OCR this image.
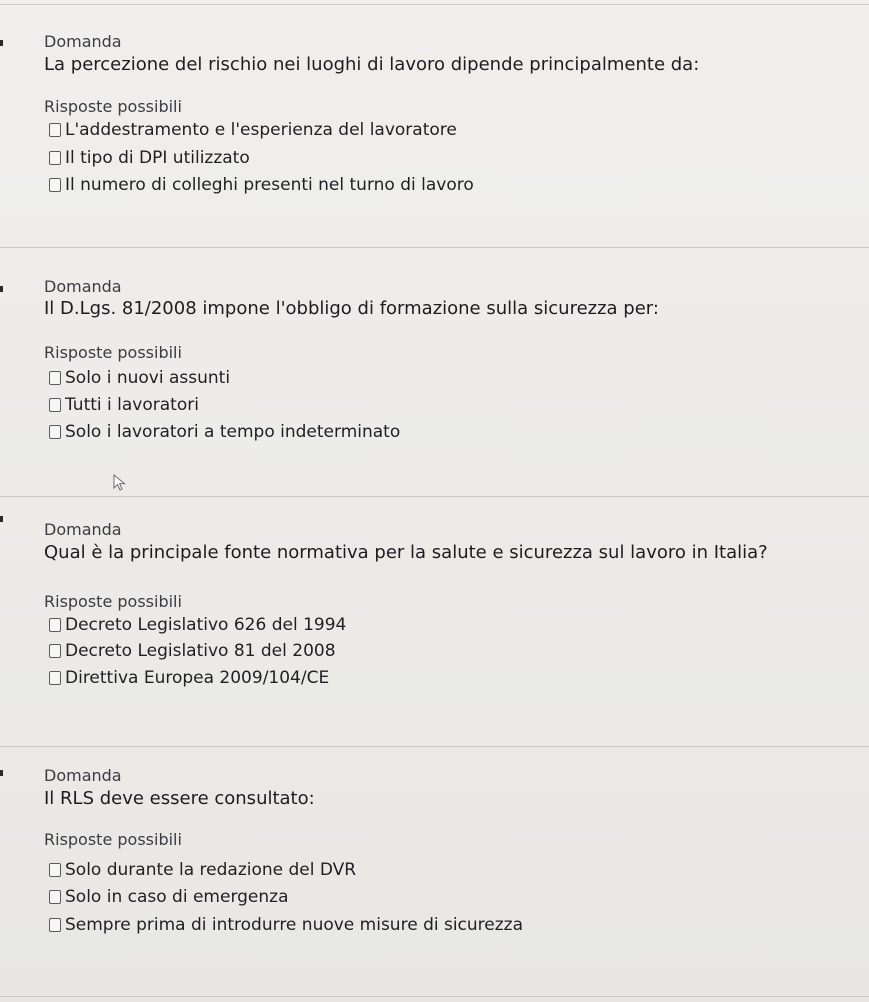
Domanda
La percezione del rischio nei luoghi di lavoro dipende principalmente da:
Risposte possibili
L'addestramento e l'esperienza del lavoratore
Il tipo di DPI utilizzato
Il numero di colleghi presenti nel turno di lavoro
Domanda
Il D.Lgs. 81/2008 impone l'obbligo di formazione sulla sicurezza per:
Risposte possibili
Solo i nuovi assunti
Tutti i lavoratori
Solo i lavoratori a tempo indeterminato
Domanda
Qual è la principale fonte normativa per la salute e sicurezza sul lavoro in Italia?
Risposte possibili
Decreto Legislativo 626 del 1994
Decreto Legislativo 81 del 2008
Direttiva Europea 2009/104/CE
Domanda
Il RLS deve essere consultato:
Risposte possibili
Solo durante la redazione del DVR
Solo in caso di emergenza
Sempre prima di introdurre nuove misure di sicurezza
